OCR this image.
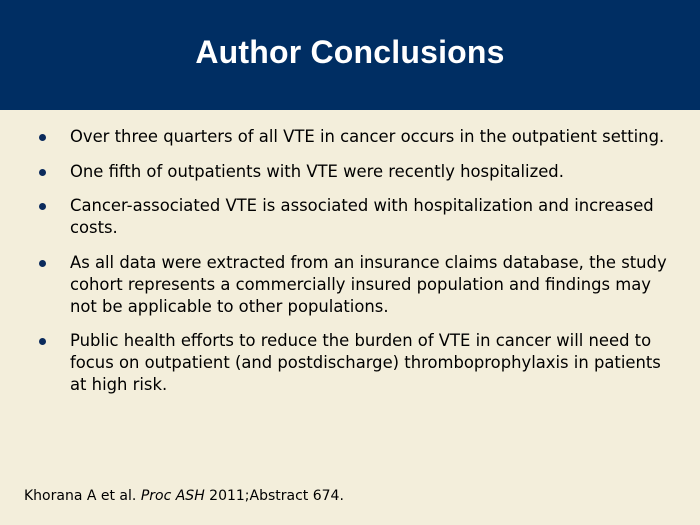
Author Conclusions
Over three quarters of all VTE in cancer occurs in the outpatient setting.
One fifth of outpatients with VTE were recently hospitalized.
Cancer-associated VTE is associated with hospitalization and increased costs.
As all data were extracted from an insurance claims database, the study cohort represents a commercially insured population and findings may not be applicable to other populations.
Public health efforts to reduce the burden of VTE in cancer will need to focus on outpatient (and postdischarge) thromboprophylaxis in patients at high risk.
Khorana A et al. Proc ASH 2011;Abstract 674.
